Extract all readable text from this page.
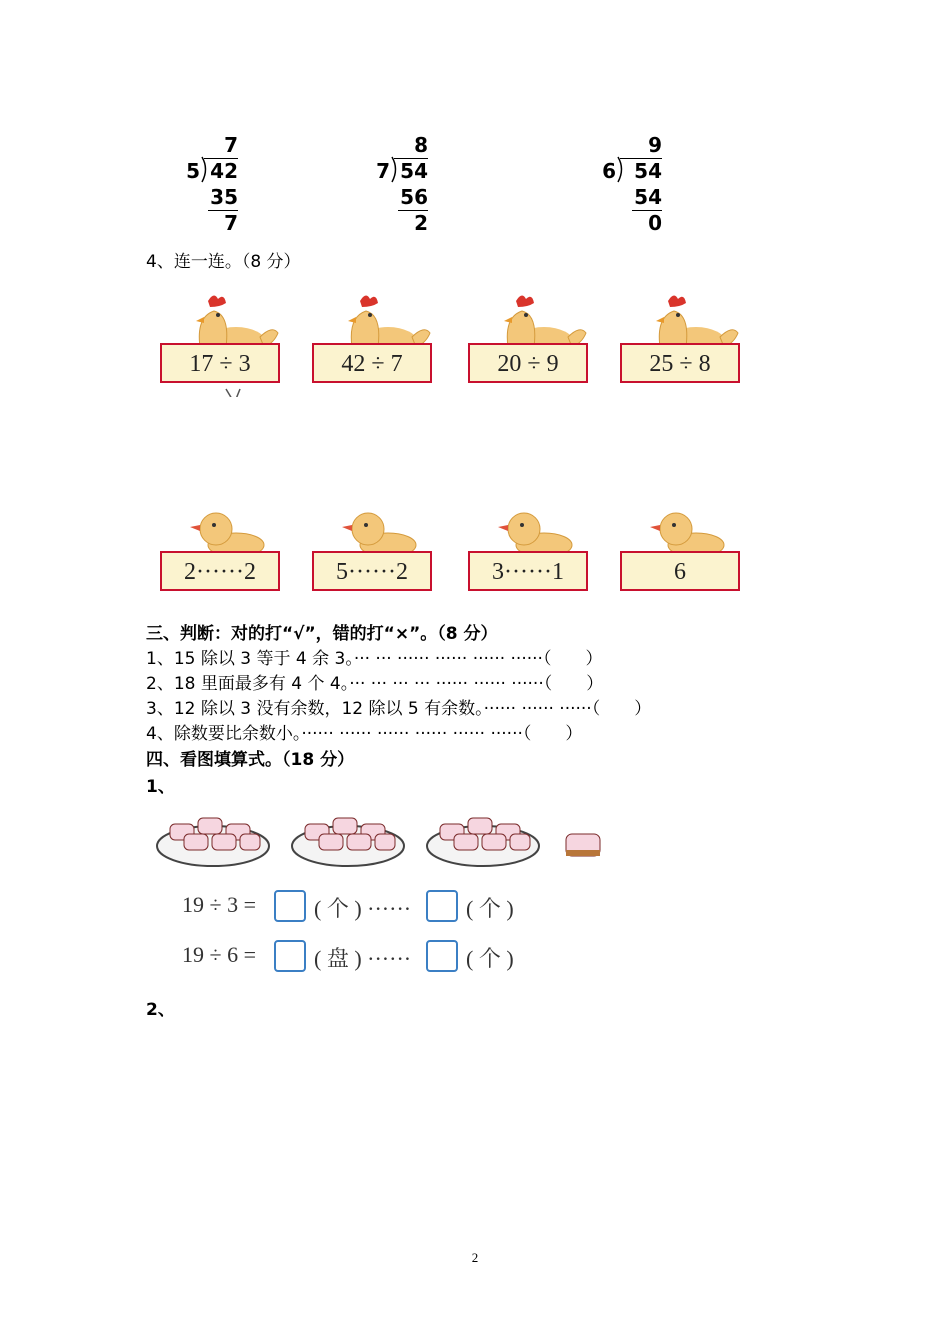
7
5 42
35
7
8
7 54
56
2
9
6 54
54
0
4、连一连。（8 分）
17 ÷ 3	42 ÷ 7	20 ÷ 9	25 ÷ 8
2······2	5······2	3······1	6
三、判断：对的打“√”，错的打“×”。（8 分）
1、15 除以 3 等于 4 余 3。··· ··· ······ ······ ······ ······（　　）
2、18 里面最多有 4 个 4。··· ··· ··· ··· ······ ······ ······（　　）
3、12 除以 3 没有余数，12 除以 5 有余数。······ ······ ······（　　）
4、除数要比余数小。······ ······ ······ ······ ······ ······（　　）
四、看图填算式。（18 分）
1、
19 ÷ 3 =	( 个 ) ······ ( 个 )
19 ÷ 6 =	( 盘 ) ······ ( 个 )
2、
2
